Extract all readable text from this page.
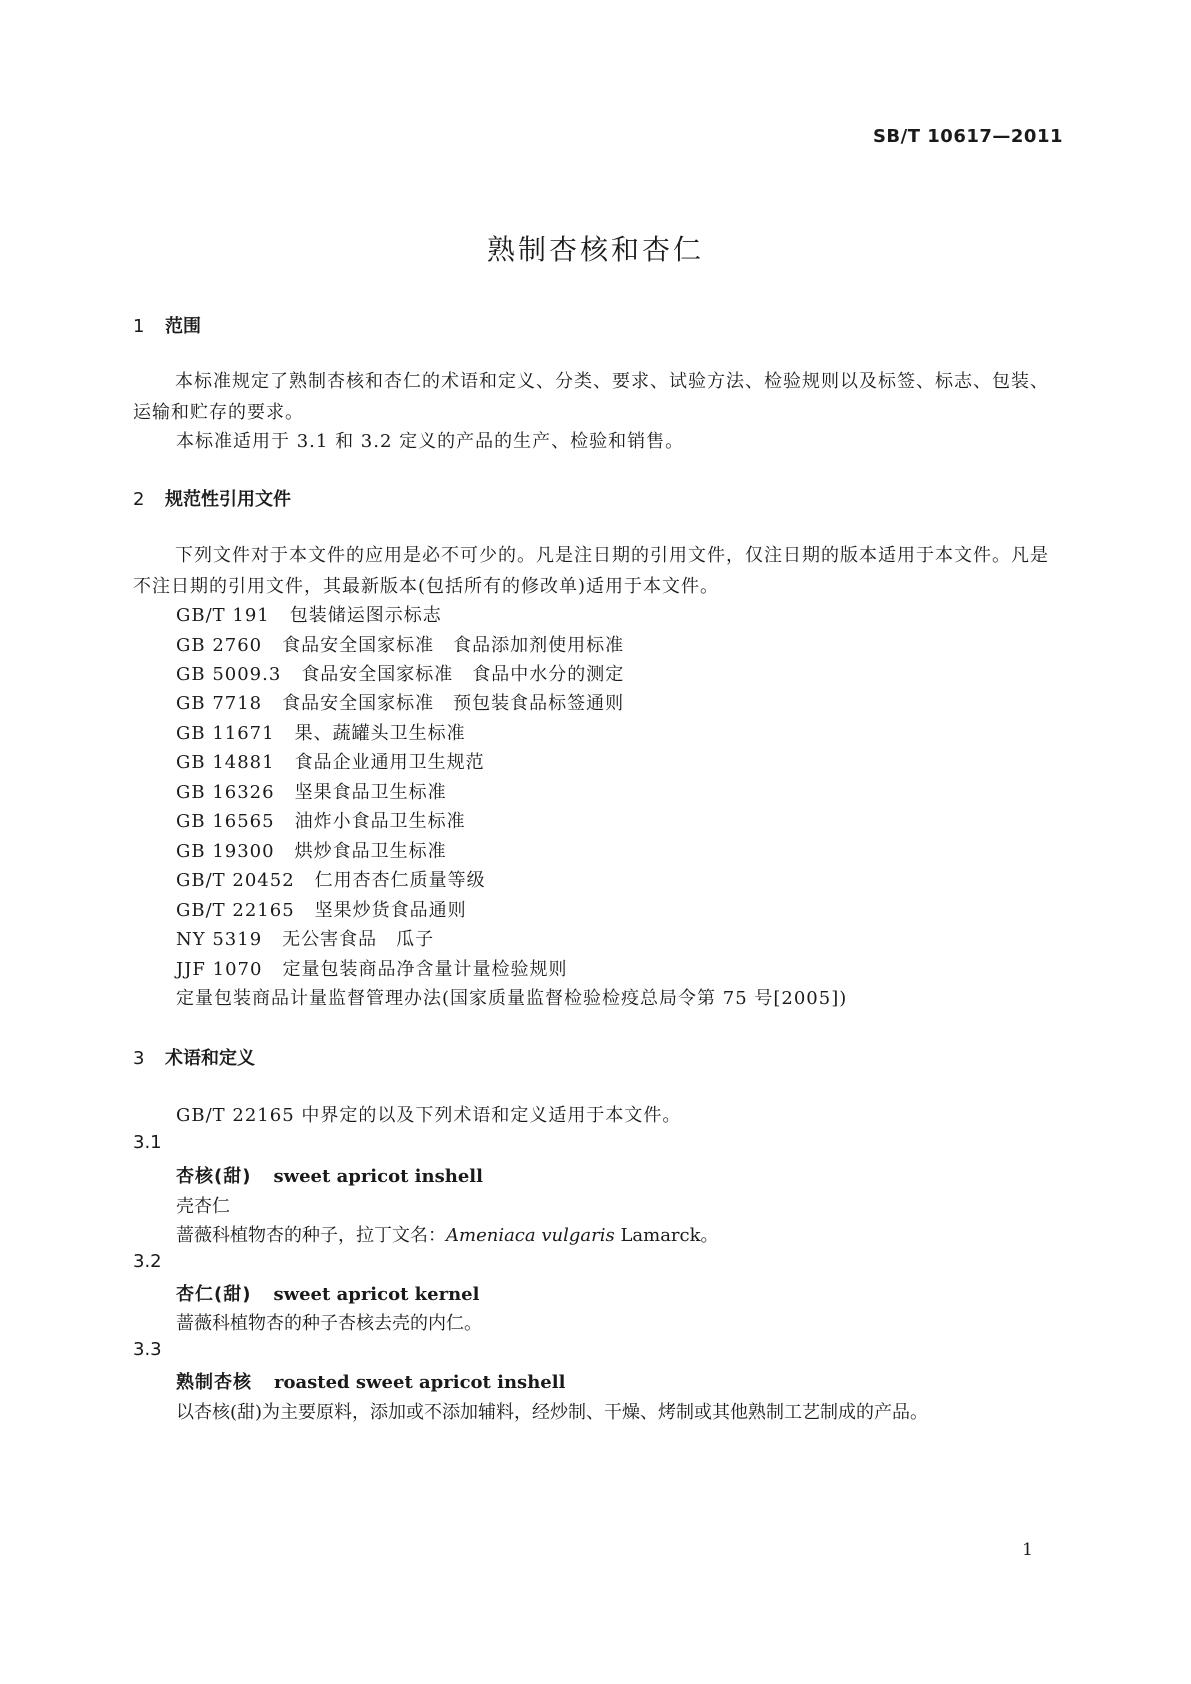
SB/T 10617—2011
熟制杏核和杏仁
1 范围
本标准规定了熟制杏核和杏仁的术语和定义、分类、要求、试验方法、检验规则以及标签、标志、包装、运输和贮存的要求。
本标准适用于 3.1 和 3.2 定义的产品的生产、检验和销售。
2 规范性引用文件
下列文件对于本文件的应用是必不可少的。凡是注日期的引用文件，仅注日期的版本适用于本文件。凡是不注日期的引用文件，其最新版本(包括所有的修改单)适用于本文件。
GB/T 191 包装储运图示标志
GB 2760 食品安全国家标准　食品添加剂使用标准
GB 5009.3 食品安全国家标准　食品中水分的测定
GB 7718 食品安全国家标准　预包装食品标签通则
GB 11671 果、蔬罐头卫生标准
GB 14881 食品企业通用卫生规范
GB 16326 坚果食品卫生标准
GB 16565 油炸小食品卫生标准
GB 19300 烘炒食品卫生标准
GB/T 20452 仁用杏杏仁质量等级
GB/T 22165 坚果炒货食品通则
NY 5319 无公害食品　瓜子
JJF 1070 定量包装商品净含量计量检验规则
定量包装商品计量监督管理办法(国家质量监督检验检疫总局令第 75 号[2005])
3 术语和定义
GB/T 22165 中界定的以及下列术语和定义适用于本文件。
3.1
杏核(甜) sweet apricot inshell
壳杏仁
蔷薇科植物杏的种子，拉丁文名：Ameniaca vulgaris Lamarck。
3.2
杏仁(甜) sweet apricot kernel
蔷薇科植物杏的种子杏核去壳的内仁。
3.3
熟制杏核 roasted sweet apricot inshell
以杏核(甜)为主要原料，添加或不添加辅料，经炒制、干燥、烤制或其他熟制工艺制成的产品。
1
